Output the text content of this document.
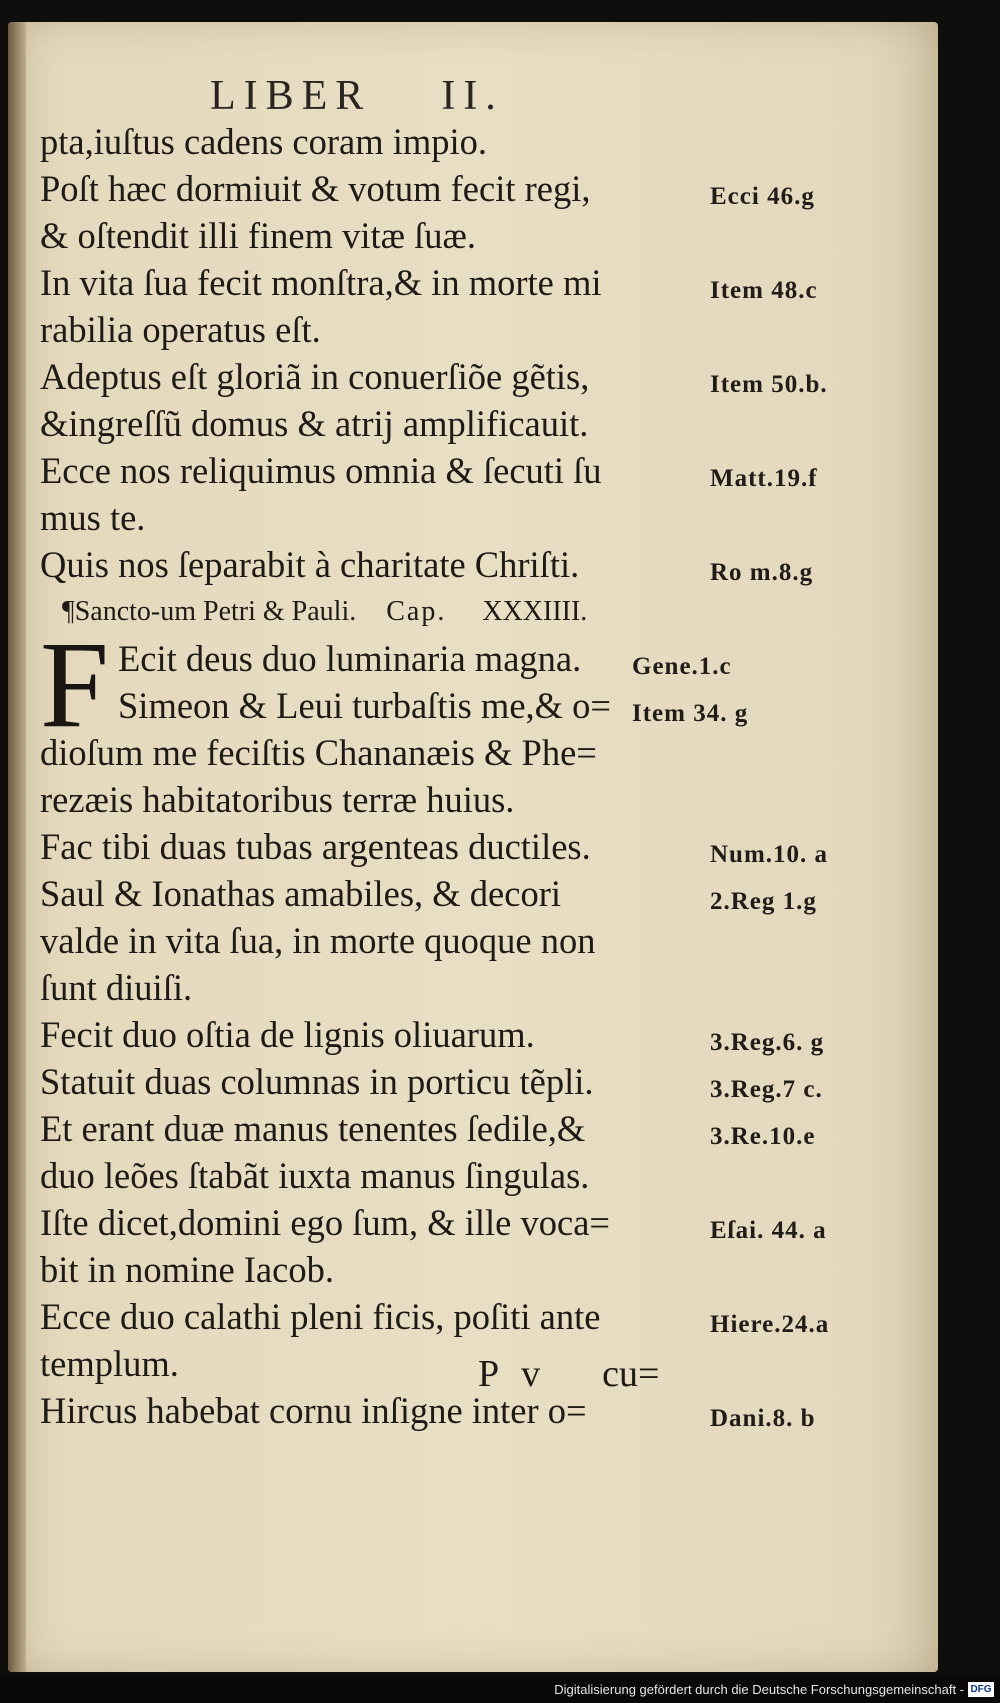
LIBER II.
pta,iuſtus cadens coram impio.
Poſt hæc dormiuit & votum fecit regi,	Ecci 46.g
& oſtendit illi finem vitæ ſuæ.
In vita ſua fecit monſtra,& in morte mi	Item 48.c
rabilia operatus eſt.
Adeptus eſt gloriã in conuerſiõe gẽtis,	Item 50.b.
&ingreſſũ domus & atrij amplificauit.
Ecce nos reliquimus omnia & ſecuti ſu	Matt.19.f
mus te.
Quis nos ſeparabit à charitate Chriſti.	Ro m.8.g
¶Sancto-um Petri & Pauli. Cap. XXXIIII.
F Ecit deus duo luminaria magna.	Gene.1.c
Simeon & Leui turbaſtis me,& o= Item 34. g
dioſum me feciſtis Chananæis & Phe=
rezæis habitatoribus terræ huius.
Fac tibi duas tubas argenteas ductiles.	Num.10. a
Saul & Ionathas amabiles, & decori	2.Reg 1.g
valde in vita ſua, in morte quoque non
ſunt diuiſi.
Fecit duo oſtia de lignis oliuarum.	3.Reg.6. g
Statuit duas columnas in porticu tẽpli.	3.Reg.7 c.
Et erant duæ manus tenentes ſedile,&	3.Re.10.e
duo leões ſtabãt iuxta manus ſingulas.
Iſte dicet,domini ego ſum, & ille voca=	Eſai. 44. a
bit in nomine Iacob.
Ecce duo calathi pleni ficis, poſiti ante	Hiere.24.a
templum.
Hircus habebat cornu inſigne inter o=	Dani.8. b
P v cu=
Digitalisierung gefördert durch die Deutsche Forschungsgemeinschaft - DFG
